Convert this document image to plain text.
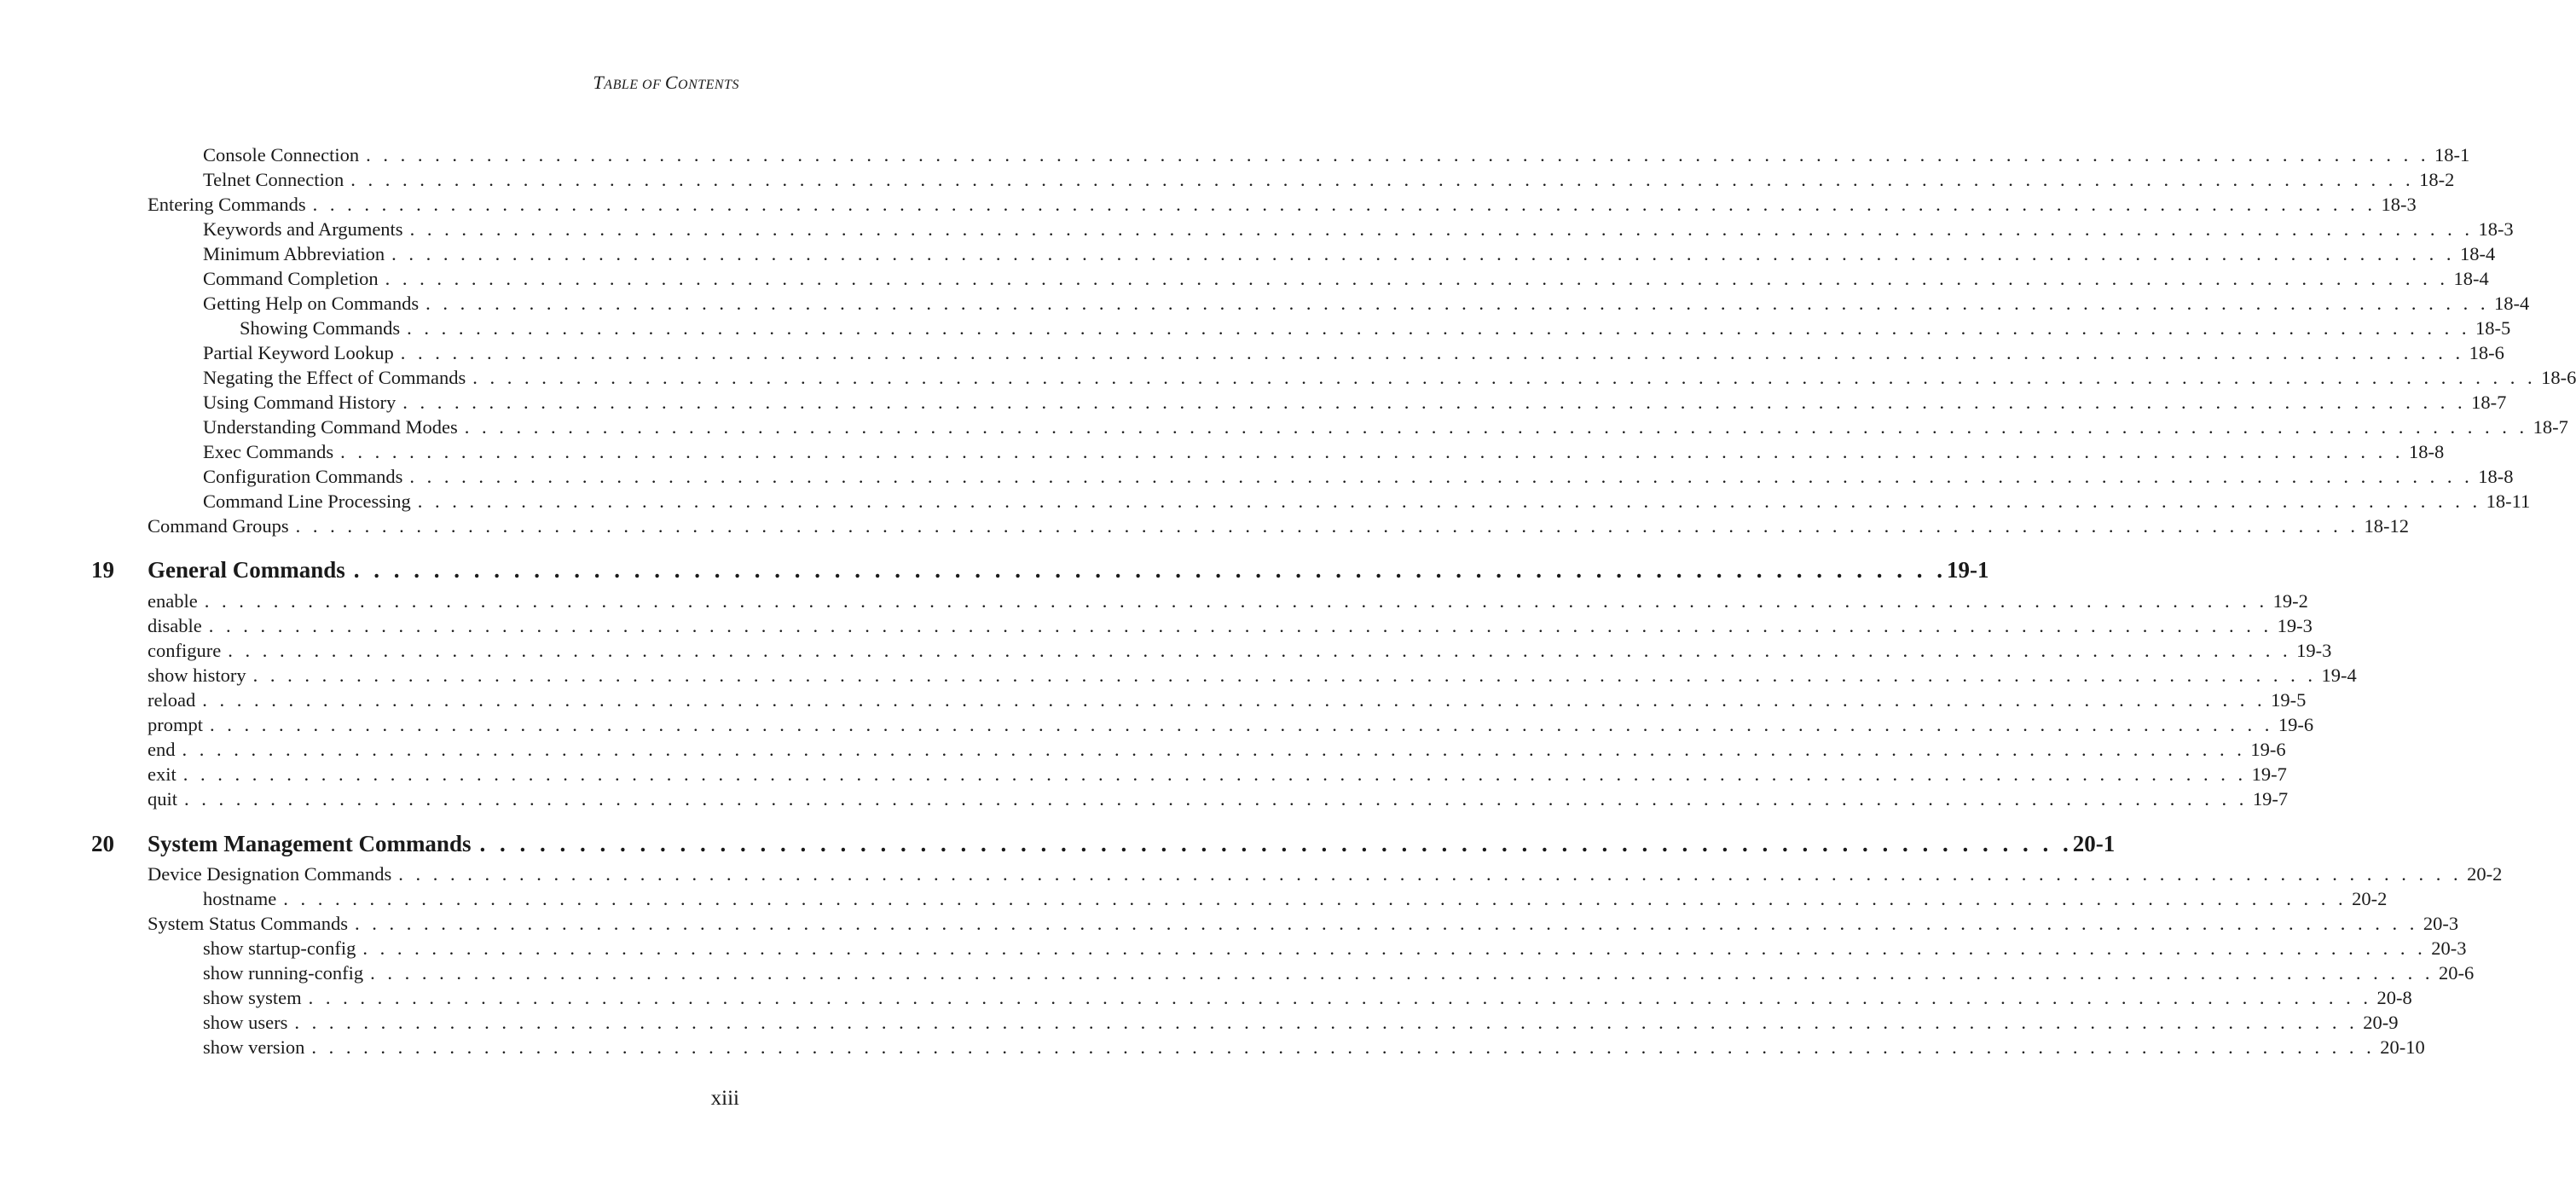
TABLE OF CONTENTS
Console Connection . . . . . . . . . . . . . . . . . . . . . . . . . . . . . . . . . . . . . . . . . . . . . . . . . . . . . . . . . . . . . . . . . . . . . . . . . . . . . . . . . . . . . . . . . . . . . . . . . . . . . . . . . . . . . . . . . . . . . . . . 18-1
Telnet Connection . . . . . . . . . . . . . . . . . . . . . . . . . . . . . . . . . . . . . . . . . . . . . . . . . . . . . . . . . . . . . . . . . . . . . . . . . . . . . . . . . . . . . . . . . . . . . . . . . . . . . . . . . . . . . . . . . . . . . . . . 18-2
Entering Commands . . . . . . . . . . . . . . . . . . . . . . . . . . . . . . . . . . . . . . . . . . . . . . . . . . . . . . . . . . . . . . . . . . . . . . . . . . . . . . . . . . . . . . . . . . . . . . . . . . . . . . . . . . . . . . . . . . . . . . . . 18-3
Keywords and Arguments . . . . . . . . . . . . . . . . . . . . . . . . . . . . . . . . . . . . . . . . . . . . . . . . . . . . . . . . . . . . . . . . . . . . . . . . . . . . . . . . . . . . . . . . . . . . . . . . . . . . . . . . . . . . . . . . . . . . . . . . 18-3
Minimum Abbreviation . . . . . . . . . . . . . . . . . . . . . . . . . . . . . . . . . . . . . . . . . . . . . . . . . . . . . . . . . . . . . . . . . . . . . . . . . . . . . . . . . . . . . . . . . . . . . . . . . . . . . . . . . . . . . . . . . . . . . . . . 18-4
Command Completion . . . . . . . . . . . . . . . . . . . . . . . . . . . . . . . . . . . . . . . . . . . . . . . . . . . . . . . . . . . . . . . . . . . . . . . . . . . . . . . . . . . . . . . . . . . . . . . . . . . . . . . . . . . . . . . . . . . . . . . . 18-4
Getting Help on Commands . . . . . . . . . . . . . . . . . . . . . . . . . . . . . . . . . . . . . . . . . . . . . . . . . . . . . . . . . . . . . . . . . . . . . . . . . . . . . . . . . . . . . . . . . . . . . . . . . . . . . . . . . . . . . . . . . . . . . . . . 18-4
Showing Commands . . . . . . . . . . . . . . . . . . . . . . . . . . . . . . . . . . . . . . . . . . . . . . . . . . . . . . . . . . . . . . . . . . . . . . . . . . . . . . . . . . . . . . . . . . . . . . . . . . . . . . . . . . . . . . . . . . . . . . . . 18-5
Partial Keyword Lookup . . . . . . . . . . . . . . . . . . . . . . . . . . . . . . . . . . . . . . . . . . . . . . . . . . . . . . . . . . . . . . . . . . . . . . . . . . . . . . . . . . . . . . . . . . . . . . . . . . . . . . . . . . . . . . . . . . . . . . . . 18-6
Negating the Effect of Commands . . . . . . . . . . . . . . . . . . . . . . . . . . . . . . . . . . . . . . . . . . . . . . . . . . . . . . . . . . . . . . . . . . . . . . . . . . . . . . . . . . . . . . . . . . . . . . . . . . . . . . . . . . . . . . . . . . . . . . . . 18-6
Using Command History . . . . . . . . . . . . . . . . . . . . . . . . . . . . . . . . . . . . . . . . . . . . . . . . . . . . . . . . . . . . . . . . . . . . . . . . . . . . . . . . . . . . . . . . . . . . . . . . . . . . . . . . . . . . . . . . . . . . . . . . 18-7
Understanding Command Modes . . . . . . . . . . . . . . . . . . . . . . . . . . . . . . . . . . . . . . . . . . . . . . . . . . . . . . . . . . . . . . . . . . . . . . . . . . . . . . . . . . . . . . . . . . . . . . . . . . . . . . . . . . . . . . . . . . . . . . . . 18-7
Exec Commands . . . . . . . . . . . . . . . . . . . . . . . . . . . . . . . . . . . . . . . . . . . . . . . . . . . . . . . . . . . . . . . . . . . . . . . . . . . . . . . . . . . . . . . . . . . . . . . . . . . . . . . . . . . . . . . . . . . . . . . . 18-8
Configuration Commands . . . . . . . . . . . . . . . . . . . . . . . . . . . . . . . . . . . . . . . . . . . . . . . . . . . . . . . . . . . . . . . . . . . . . . . . . . . . . . . . . . . . . . . . . . . . . . . . . . . . . . . . . . . . . . . . . . . . . . . . 18-8
Command Line Processing . . . . . . . . . . . . . . . . . . . . . . . . . . . . . . . . . . . . . . . . . . . . . . . . . . . . . . . . . . . . . . . . . . . . . . . . . . . . . . . . . . . . . . . . . . . . . . . . . . . . . . . . . . . . . . . . . . . . . . . . 18-11
Command Groups . . . . . . . . . . . . . . . . . . . . . . . . . . . . . . . . . . . . . . . . . . . . . . . . . . . . . . . . . . . . . . . . . . . . . . . . . . . . . . . . . . . . . . . . . . . . . . . . . . . . . . . . . . . . . . . . . . . . . . . . 18-12
19	General Commands . . . . . . . . . . . . . . . . . . . . . . . . . . . . . . . . . . . . . . . . . . . . . . . . . . . . . . . . . . . . . . . . . . . . . . . . . . . . . . . . 19-1
enable . . . . . . . . . . . . . . . . . . . . . . . . . . . . . . . . . . . . . . . . . . . . . . . . . . . . . . . . . . . . . . . . . . . . . . . . . . . . . . . . . . . . . . . . . . . . . . . . . . . . . . . . . . . . . . . . . . . . . . . . 19-2
disable . . . . . . . . . . . . . . . . . . . . . . . . . . . . . . . . . . . . . . . . . . . . . . . . . . . . . . . . . . . . . . . . . . . . . . . . . . . . . . . . . . . . . . . . . . . . . . . . . . . . . . . . . . . . . . . . . . . . . . . . 19-3
configure . . . . . . . . . . . . . . . . . . . . . . . . . . . . . . . . . . . . . . . . . . . . . . . . . . . . . . . . . . . . . . . . . . . . . . . . . . . . . . . . . . . . . . . . . . . . . . . . . . . . . . . . . . . . . . . . . . . . . . . . 19-3
show history . . . . . . . . . . . . . . . . . . . . . . . . . . . . . . . . . . . . . . . . . . . . . . . . . . . . . . . . . . . . . . . . . . . . . . . . . . . . . . . . . . . . . . . . . . . . . . . . . . . . . . . . . . . . . . . . . . . . . . . . 19-4
reload . . . . . . . . . . . . . . . . . . . . . . . . . . . . . . . . . . . . . . . . . . . . . . . . . . . . . . . . . . . . . . . . . . . . . . . . . . . . . . . . . . . . . . . . . . . . . . . . . . . . . . . . . . . . . . . . . . . . . . . . 19-5
prompt . . . . . . . . . . . . . . . . . . . . . . . . . . . . . . . . . . . . . . . . . . . . . . . . . . . . . . . . . . . . . . . . . . . . . . . . . . . . . . . . . . . . . . . . . . . . . . . . . . . . . . . . . . . . . . . . . . . . . . . . 19-6
end . . . . . . . . . . . . . . . . . . . . . . . . . . . . . . . . . . . . . . . . . . . . . . . . . . . . . . . . . . . . . . . . . . . . . . . . . . . . . . . . . . . . . . . . . . . . . . . . . . . . . . . . . . . . . . . . . . . . . . . . 19-6
exit . . . . . . . . . . . . . . . . . . . . . . . . . . . . . . . . . . . . . . . . . . . . . . . . . . . . . . . . . . . . . . . . . . . . . . . . . . . . . . . . . . . . . . . . . . . . . . . . . . . . . . . . . . . . . . . . . . . . . . . . 19-7
quit . . . . . . . . . . . . . . . . . . . . . . . . . . . . . . . . . . . . . . . . . . . . . . . . . . . . . . . . . . . . . . . . . . . . . . . . . . . . . . . . . . . . . . . . . . . . . . . . . . . . . . . . . . . . . . . . . . . . . . . . 19-7
20	System Management Commands . . . . . . . . . . . . . . . . . . . . . . . . . . . . . . . . . . . . . . . . . . . . . . . . . . . . . . . . . . . . . . . . . . . . . . . . . . . . . . . . 20-1
Device Designation Commands . . . . . . . . . . . . . . . . . . . . . . . . . . . . . . . . . . . . . . . . . . . . . . . . . . . . . . . . . . . . . . . . . . . . . . . . . . . . . . . . . . . . . . . . . . . . . . . . . . . . . . . . . . . . . . . . . . . . . . . . 20-2
hostname . . . . . . . . . . . . . . . . . . . . . . . . . . . . . . . . . . . . . . . . . . . . . . . . . . . . . . . . . . . . . . . . . . . . . . . . . . . . . . . . . . . . . . . . . . . . . . . . . . . . . . . . . . . . . . . . . . . . . . . . 20-2
System Status Commands . . . . . . . . . . . . . . . . . . . . . . . . . . . . . . . . . . . . . . . . . . . . . . . . . . . . . . . . . . . . . . . . . . . . . . . . . . . . . . . . . . . . . . . . . . . . . . . . . . . . . . . . . . . . . . . . . . . . . . . . 20-3
show startup-config . . . . . . . . . . . . . . . . . . . . . . . . . . . . . . . . . . . . . . . . . . . . . . . . . . . . . . . . . . . . . . . . . . . . . . . . . . . . . . . . . . . . . . . . . . . . . . . . . . . . . . . . . . . . . . . . . . . . . . . . 20-3
show running-config . . . . . . . . . . . . . . . . . . . . . . . . . . . . . . . . . . . . . . . . . . . . . . . . . . . . . . . . . . . . . . . . . . . . . . . . . . . . . . . . . . . . . . . . . . . . . . . . . . . . . . . . . . . . . . . . . . . . . . . . 20-6
show system . . . . . . . . . . . . . . . . . . . . . . . . . . . . . . . . . . . . . . . . . . . . . . . . . . . . . . . . . . . . . . . . . . . . . . . . . . . . . . . . . . . . . . . . . . . . . . . . . . . . . . . . . . . . . . . . . . . . . . . . 20-8
show users . . . . . . . . . . . . . . . . . . . . . . . . . . . . . . . . . . . . . . . . . . . . . . . . . . . . . . . . . . . . . . . . . . . . . . . . . . . . . . . . . . . . . . . . . . . . . . . . . . . . . . . . . . . . . . . . . . . . . . . . 20-9
show version . . . . . . . . . . . . . . . . . . . . . . . . . . . . . . . . . . . . . . . . . . . . . . . . . . . . . . . . . . . . . . . . . . . . . . . . . . . . . . . . . . . . . . . . . . . . . . . . . . . . . . . . . . . . . . . . . . . . . . . . 20-10
xiii
